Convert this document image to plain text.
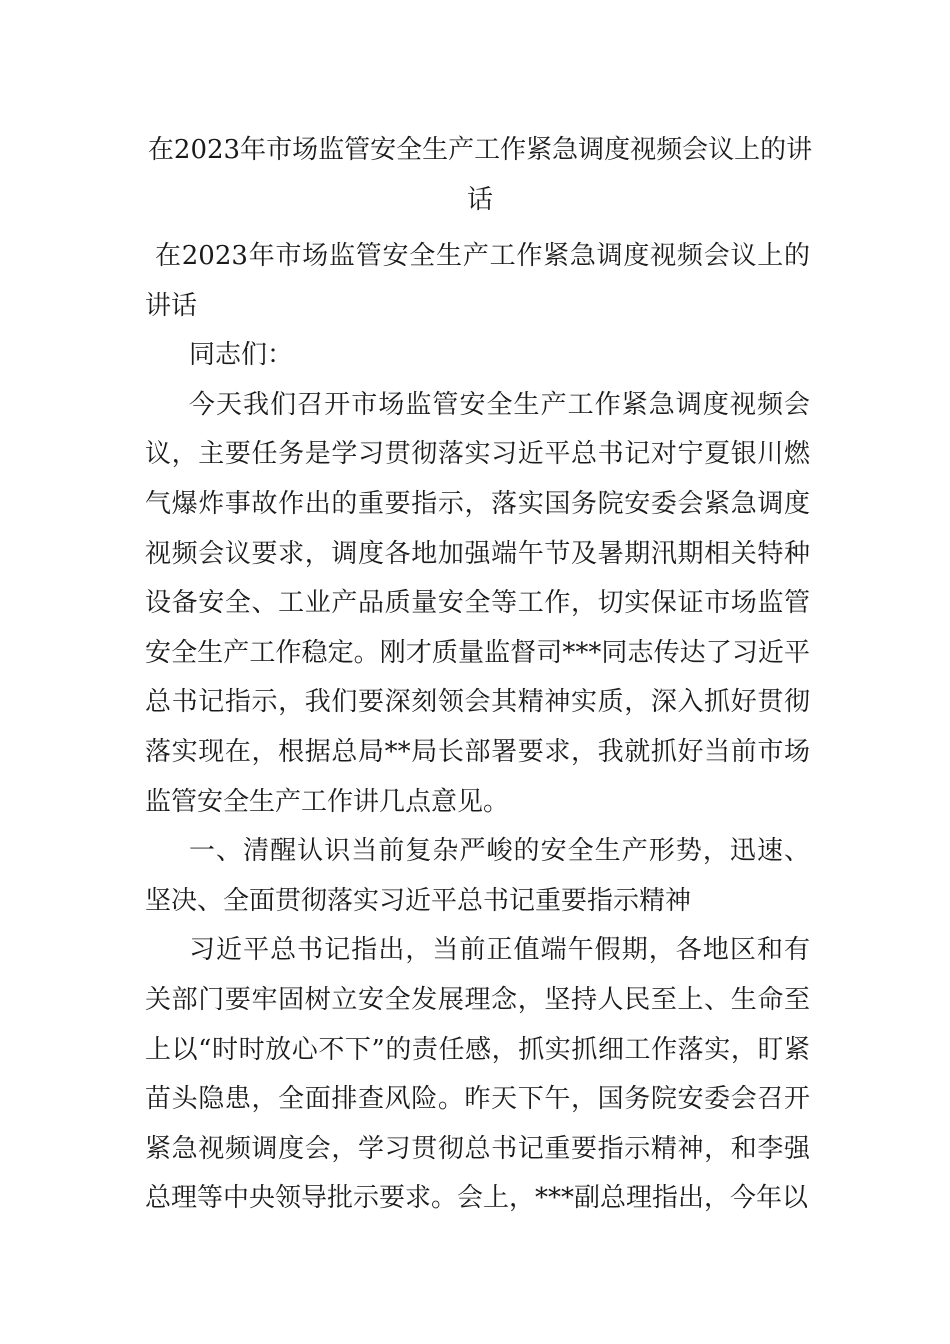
在2023年市场监管安全生产工作紧急调度视频会议上的讲话

在2023年市场监管安全生产工作紧急调度视频会议上的讲话

同志们：

今天我们召开市场监管安全生产工作紧急调度视频会议，主要任务是学习贯彻落实习近平总书记对宁夏银川燃气爆炸事故作出的重要指示，落实国务院安委会紧急调度视频会议要求，调度各地加强端午节及暑期汛期相关特种设备安全、工业产品质量安全等工作，切实保证市场监管安全生产工作稳定。刚才质量监督司***同志传达了习近平总书记指示，我们要深刻领会其精神实质，深入抓好贯彻落实现在，根据总局**局长部署要求，我就抓好当前市场监管安全生产工作讲几点意见。

一、清醒认识当前复杂严峻的安全生产形势，迅速、坚决、全面贯彻落实习近平总书记重要指示精神

习近平总书记指出，当前正值端午假期，各地区和有关部门要牢固树立安全发展理念，坚持人民至上、生命至上以“时时放心不下”的责任感，抓实抓细工作落实，盯紧苗头隐患，全面排查风险。昨天下午，国务院安委会召开紧急视频调度会，学习贯彻总书记重要指示精神，和李强总理等中央领导批示要求。会上，***副总理指出，今年以
